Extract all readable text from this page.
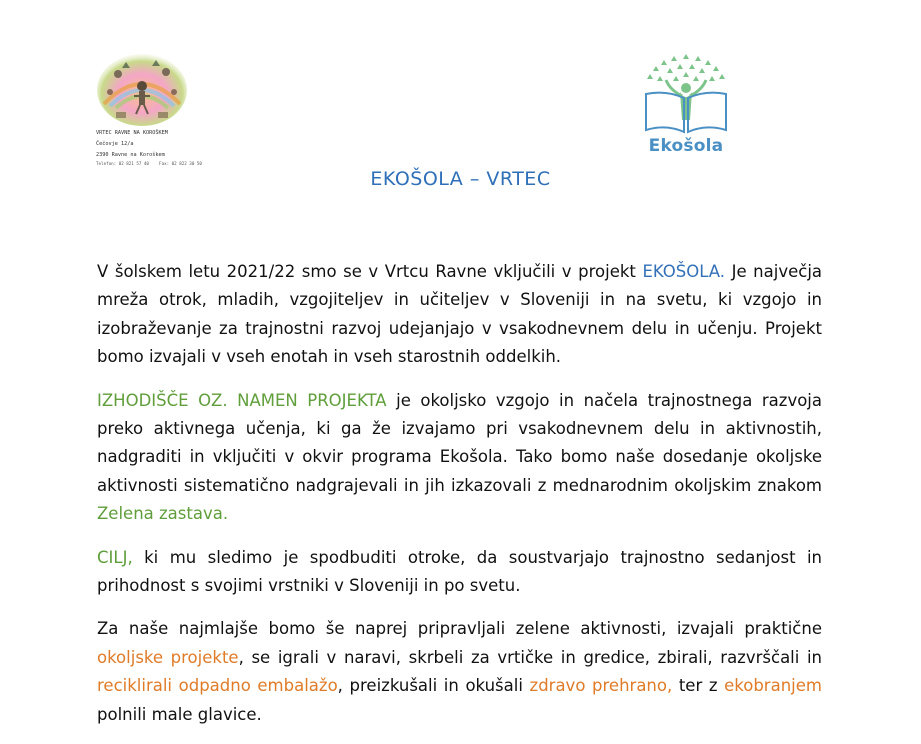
VRTEC RAVNE NA KOROŠKEM
Čečovje 12/a
2390 Ravne na Koroškem
Telefon: 02 821 57 40 Fax: 02 822 30 50
Ekošola
EKOŠOLA – VRTEC

V šolskem letu 2021/22 smo se v Vrtcu Ravne vključili v projekt EKOŠOLA. Je največja mreža otrok, mladih, vzgojiteljev in učiteljev v Sloveniji in na svetu, ki vzgojo in izobraževanje za trajnostni razvoj udejanjajo v vsakodnevnem delu in učenju. Projekt bomo izvajali v vseh enotah in vseh starostnih oddelkih.

IZHODIŠČE OZ. NAMEN PROJEKTA je okoljsko vzgojo in načela trajnostnega razvoja preko aktivnega učenja, ki ga že izvajamo pri vsakodnevnem delu in aktivnostih, nadgraditi in vključiti v okvir programa Ekošola. Tako bomo naše dosedanje okoljske aktivnosti sistematično nadgrajevali in jih izkazovali z mednarodnim okoljskim znakom Zelena zastava.

CILJ, ki mu sledimo je spodbuditi otroke, da soustvarjajo trajnostno sedanjost in prihodnost s svojimi vrstniki v Sloveniji in po svetu.

Za naše najmlajše bomo še naprej pripravljali zelene aktivnosti, izvajali praktične okoljske projekte, se igrali v naravi, skrbeli za vrtičke in gredice, zbirali, razvrščali in reciklirali odpadno embalažo, preizkušali in okušali zdravo prehrano, ter z ekobranjem polnili male glavice.
